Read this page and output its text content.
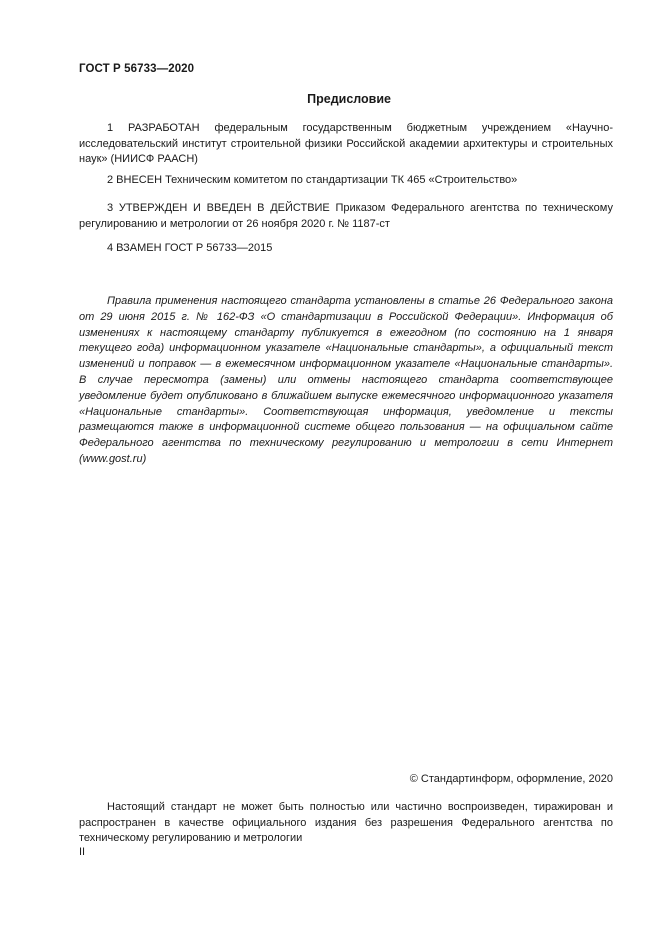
ГОСТ Р 56733—2020
Предисловие

1 РАЗРАБОТАН федеральным государственным бюджетным учреждением «Научно-исследовательский институт строительной физики Российской академии архитектуры и строительных наук» (НИИСФ РААСН)

2 ВНЕСЕН Техническим комитетом по стандартизации ТК 465 «Строительство»

3 УТВЕРЖДЕН И ВВЕДЕН В ДЕЙСТВИЕ Приказом Федерального агентства по техническому регулированию и метрологии от 26 ноября 2020 г. № 1187-ст

4 ВЗАМЕН ГОСТ Р 56733—2015

Правила применения настоящего стандарта установлены в статье 26 Федерального закона от 29 июня 2015 г. № 162-ФЗ «О стандартизации в Российской Федерации». Информация об изменениях к настоящему стандарту публикуется в ежегодном (по состоянию на 1 января текущего года) информационном указателе «Национальные стандарты», а официальный текст изменений и поправок — в ежемесячном информационном указателе «Национальные стандарты». В случае пересмотра (замены) или отмены настоящего стандарта соответствующее уведомление будет опубликовано в ближайшем выпуске ежемесячного информационного указателя «Национальные стандарты». Соответствующая информация, уведомление и тексты размещаются также в информационной системе общего пользования — на официальном сайте Федерального агентства по техническому регулированию и метрологии в сети Интернет (www.gost.ru)

© Стандартинформ, оформление, 2020

Настоящий стандарт не может быть полностью или частично воспроизведен, тиражирован и распространен в качестве официального издания без разрешения Федерального агентства по техническому регулированию и метрологии

II
